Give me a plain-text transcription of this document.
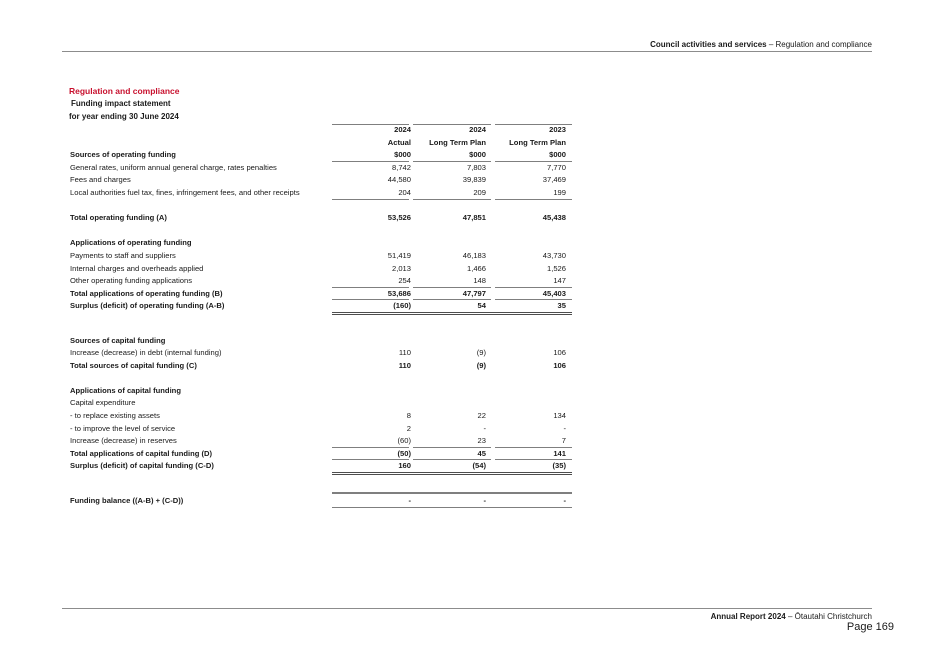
Council activities and services – Regulation and compliance
Regulation and compliance
Funding impact statement
for year ending 30 June 2024
2024	2024	2023
Actual	Long Term Plan	Long Term Plan
Sources of operating funding	$000	$000	$000
General rates, uniform annual general charge, rates penalties	8,742	7,803	7,770
Fees and charges	44,580	39,839	37,469
Local authorities fuel tax, fines, infringement fees, and other receipts	204	209	199
Total operating funding (A)	53,526	47,851	45,438
Applications of operating funding
Payments to staff and suppliers	51,419	46,183	43,730
Internal charges and overheads applied	2,013	1,466	1,526
Other operating funding applications	254	148	147
Total applications of operating funding (B)	53,686	47,797	45,403
Surplus (deficit) of operating funding (A-B)	(160)	54	35
Sources of capital funding
Increase (decrease) in debt (internal funding)	110	(9)	106
Total sources of capital funding (C)	110	(9)	106
Applications of capital funding
Capital expenditure
- to replace existing assets	8	22	134
- to improve the level of service	2	-	-
Increase (decrease) in reserves	(60)	23	7
Total applications of capital funding (D)	(50)	45	141
Surplus (deficit) of capital funding (C-D)	160	(54)	(35)
Funding balance ((A-B) + (C-D))	-	-	-
Annual Report 2024 – Ōtautahi Christchurch
Page 169
